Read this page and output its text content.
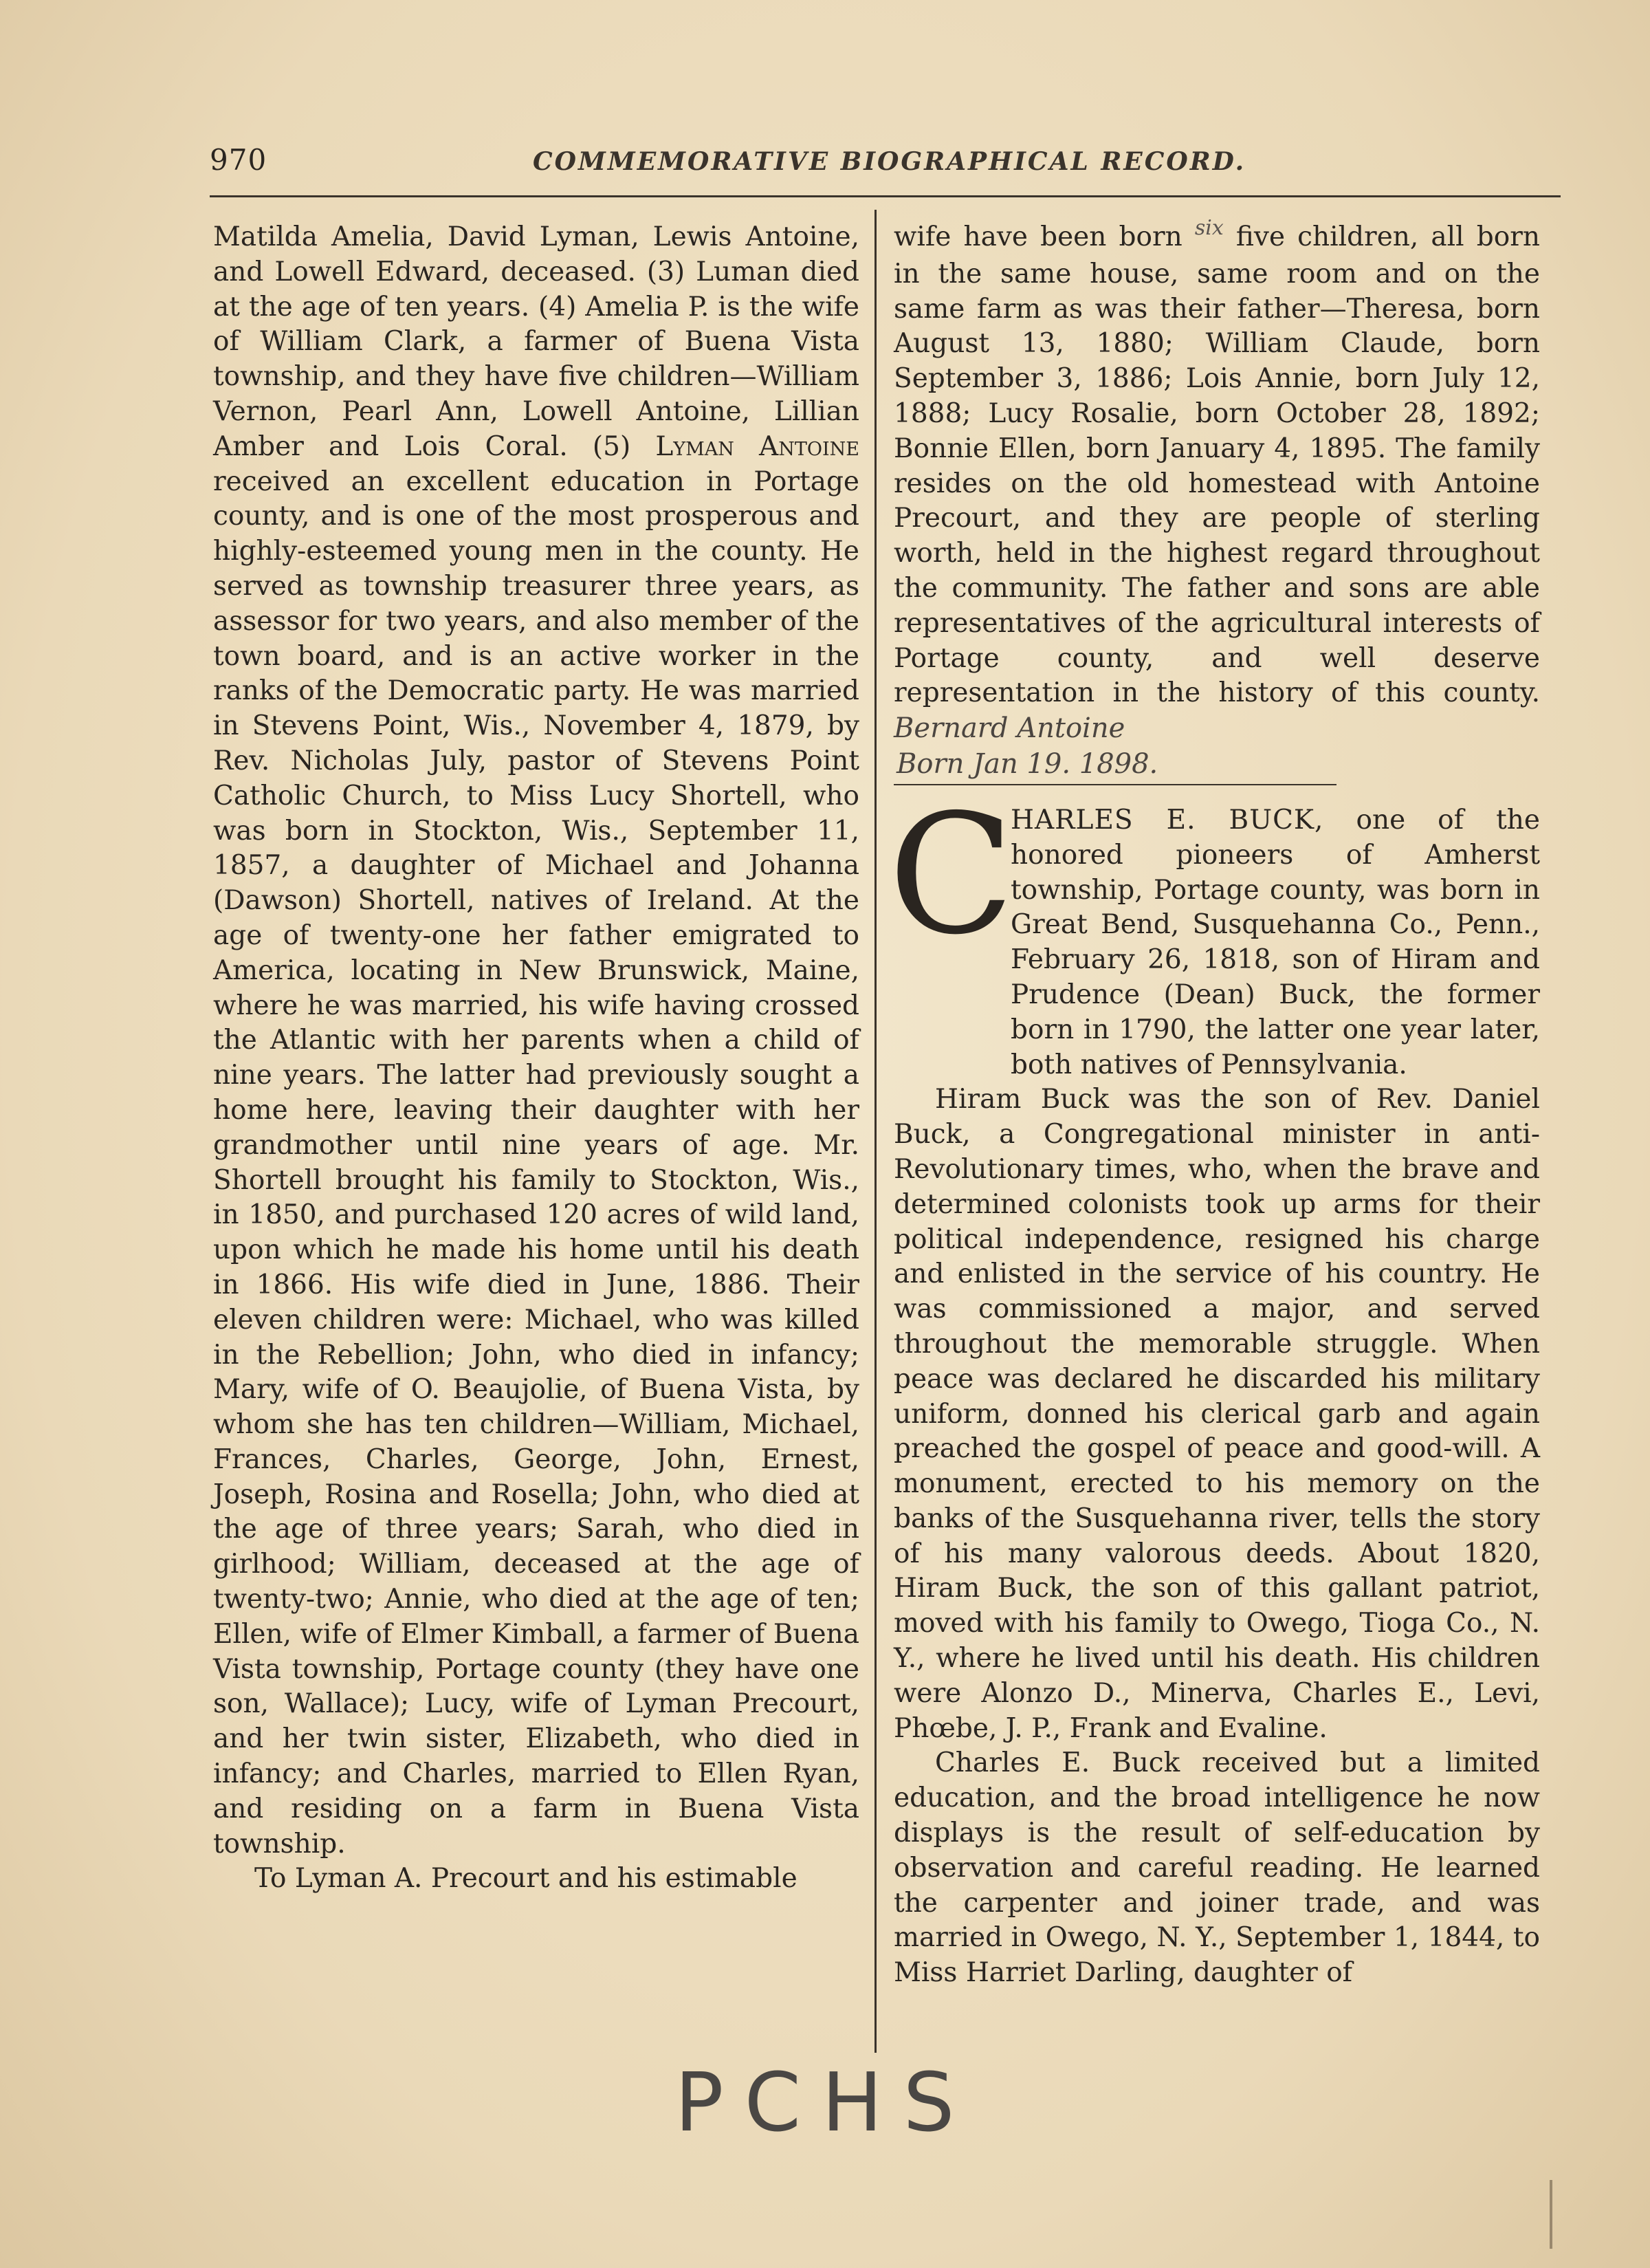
970	COMMEMORATIVE BIOGRAPHICAL RECORD.

Matilda Amelia, David Lyman, Lewis Antoine, and Lowell Edward, deceased. (3) Luman died at the age of ten years. (4) Amelia P. is the wife of William Clark, a farmer of Buena Vista township, and they have five children—William Vernon, Pearl Ann, Lowell Antoine, Lillian Amber and Lois Coral. (5) Lyman Antoine received an excellent education in Portage county, and is one of the most prosperous and highly-esteemed young men in the county. He served as township treasurer three years, as assessor for two years, and also member of the town board, and is an active worker in the ranks of the Democratic party. He was married in Stevens Point, Wis., November 4, 1879, by Rev. Nicholas July, pastor of Stevens Point Catholic Church, to Miss Lucy Shortell, who was born in Stockton, Wis., September 11, 1857, a daughter of Michael and Johanna (Dawson) Shortell, natives of Ireland. At the age of twenty-one her father emigrated to America, locating in New Brunswick, Maine, where he was married, his wife having crossed the Atlantic with her parents when a child of nine years. The latter had previously sought a home here, leaving their daughter with her grandmother until nine years of age. Mr. Shortell brought his family to Stockton, Wis., in 1850, and purchased 120 acres of wild land, upon which he made his home until his death in 1866. His wife died in June, 1886. Their eleven children were: Michael, who was killed in the Rebellion; John, who died in infancy; Mary, wife of O. Beaujolie, of Buena Vista, by whom she has ten children—William, Michael, Frances, Charles, George, John, Ernest, Joseph, Rosina and Rosella; John, who died at the age of three years; Sarah, who died in girlhood; William, deceased at the age of twenty-two; Annie, who died at the age of ten; Ellen, wife of Elmer Kimball, a farmer of Buena Vista township, Portage county (they have one son, Wallace); Lucy, wife of Lyman Precourt, and her twin sister, Elizabeth, who died in infancy; and Charles, married to Ellen Ryan, and residing on a farm in Buena Vista township.

To Lyman A. Precourt and his estimable

wife have been born $^{six}$ five children, all born in the same house, same room and on the same farm as was their father—Theresa, born August 13, 1880; William Claude, born September 3, 1886; Lois Annie, born July 12, 1888; Lucy Rosalie, born October 28, 1892; Bonnie Ellen, born January 4, 1895. The family resides on the old homestead with Antoine Precourt, and they are people of sterling worth, held in the highest regard throughout the community. The father and sons are able representatives of the agricultural interests of Portage county, and well deserve representation in the history of this county. Bernard Antoine

Born Jan 19. 1898.

C

HARLES E. BUCK, one of the honored pioneers of Amherst township, Portage county, was born in Great Bend, Susquehanna Co., Penn., February 26, 1818, son of Hiram and Prudence (Dean) Buck, the former born in 1790, the latter one year later, both natives of Pennsylvania.

Hiram Buck was the son of Rev. Daniel Buck, a Congregational minister in anti-Revolutionary times, who, when the brave and determined colonists took up arms for their political independence, resigned his charge and enlisted in the service of his country. He was commissioned a major, and served throughout the memorable struggle. When peace was declared he discarded his military uniform, donned his clerical garb and again preached the gospel of peace and good-will. A monument, erected to his memory on the banks of the Susquehanna river, tells the story of his many valorous deeds. About 1820, Hiram Buck, the son of this gallant patriot, moved with his family to Owego, Tioga Co., N. Y., where he lived until his death. His children were Alonzo D., Minerva, Charles E., Levi, Phœbe, J. P., Frank and Evaline.

Charles E. Buck received but a limited education, and the broad intelligence he now displays is the result of self-education by observation and careful reading. He learned the carpenter and joiner trade, and was married in Owego, N. Y., September 1, 1844, to Miss Harriet Darling, daughter of

PCHS
